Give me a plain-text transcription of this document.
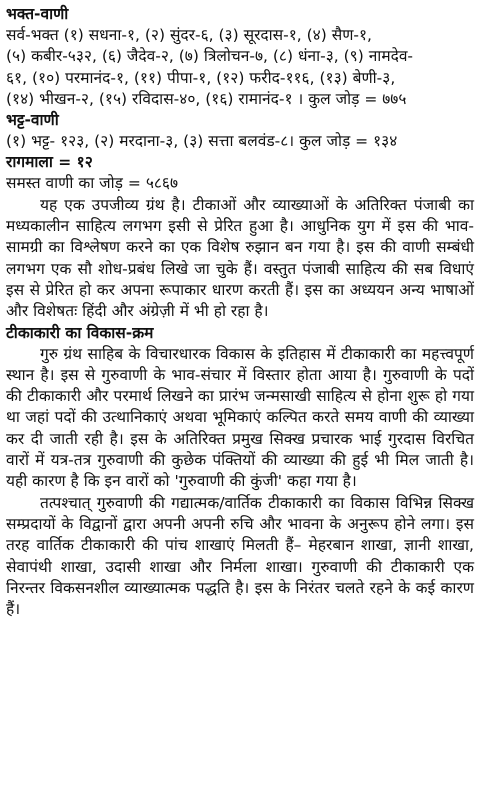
भक्त-वाणी
सर्व-भक्त (१) सधना-१, (२) सुंदर-६, (३) सूरदास-१, (४) सैण-१,
(५) कबीर-५३२, (६) जैदेव-२, (७) त्रिलोचन-७, (८) धंना-३, (९) नामदेव-
६१, (१०) परमानंद-१, (११) पीपा-१, (१२) फरीद-११६, (१३) बेणी-३,
(१४) भीखन-२, (१५) रविदास-४०, (१६) रामानंद-१ । कुल जोड़ = ७७५
भट्ट-वाणी
(१) भट्ट- १२३, (२) मरदाना-३, (३) सत्ता बलवंड-८। कुल जोड़ = १३४
रागमाला = १२
समस्त वाणी का जोड़ = ५८६७

यह एक उपजीव्य ग्रंथ है। टीकाओं और व्याख्याओं के अतिरिक्त पंजाबी का मध्यकालीन साहित्य लगभग इसी से प्रेरित हुआ है। आधुनिक युग में इस की भाव-सामग्री का विश्लेषण करने का एक विशेष रुझान बन गया है। इस की वाणी सम्बंधी लगभग एक सौ शोध-प्रबंध लिखे जा चुके हैं। वस्तुत पंजाबी साहित्य की सब विधाएं इस से प्रेरित हो कर अपना रूपाकार धारण करती हैं। इस का अध्ययन अन्य भाषाओं और विशेषतः हिंदी और अंग्रेज़ी में भी हो रहा है।

टीकाकारी का विकास-क्रम

गुरु ग्रंथ साहिब के विचारधारक विकास के इतिहास में टीकाकारी का महत्त्वपूर्ण स्थान है। इस से गुरुवाणी के भाव-संचार में विस्तार होता आया है। गुरुवाणी के पदों की टीकाकारी और परमार्थ लिखने का प्रारंभ जन्मसाखी साहित्य से होना शुरू हो गया था जहां पदों की उत्थानिकाएं अथवा भूमिकाएं कल्पित करते समय वाणी की व्याख्या कर दी जाती रही है। इस के अतिरिक्त प्रमुख सिक्ख प्रचारक भाई गुरदास विरचित वारों में यत्र-तत्र गुरुवाणी की कुछेक पंक्तियों की व्याख्या की हुई भी मिल जाती है। यही कारण है कि इन वारों को 'गुरुवाणी की कुंजी' कहा गया है।

तत्पश्चात् गुरुवाणी की गद्यात्मक/वार्तिक टीकाकारी का विकास विभिन्न सिक्ख सम्प्रदायों के विद्वानों द्वारा अपनी अपनी रुचि और भावना के अनुरूप होने लगा। इस तरह वार्तिक टीकाकारी की पांच शाखाएं मिलती हैं– मेहरबान शाखा, ज्ञानी शाखा, सेवापंथी शाखा, उदासी शाखा और निर्मला शाखा। गुरुवाणी की टीकाकारी एक निरन्तर विकसनशील व्याख्यात्मक पद्धति है। इस के निरंतर चलते रहने के कई कारण हैं।
